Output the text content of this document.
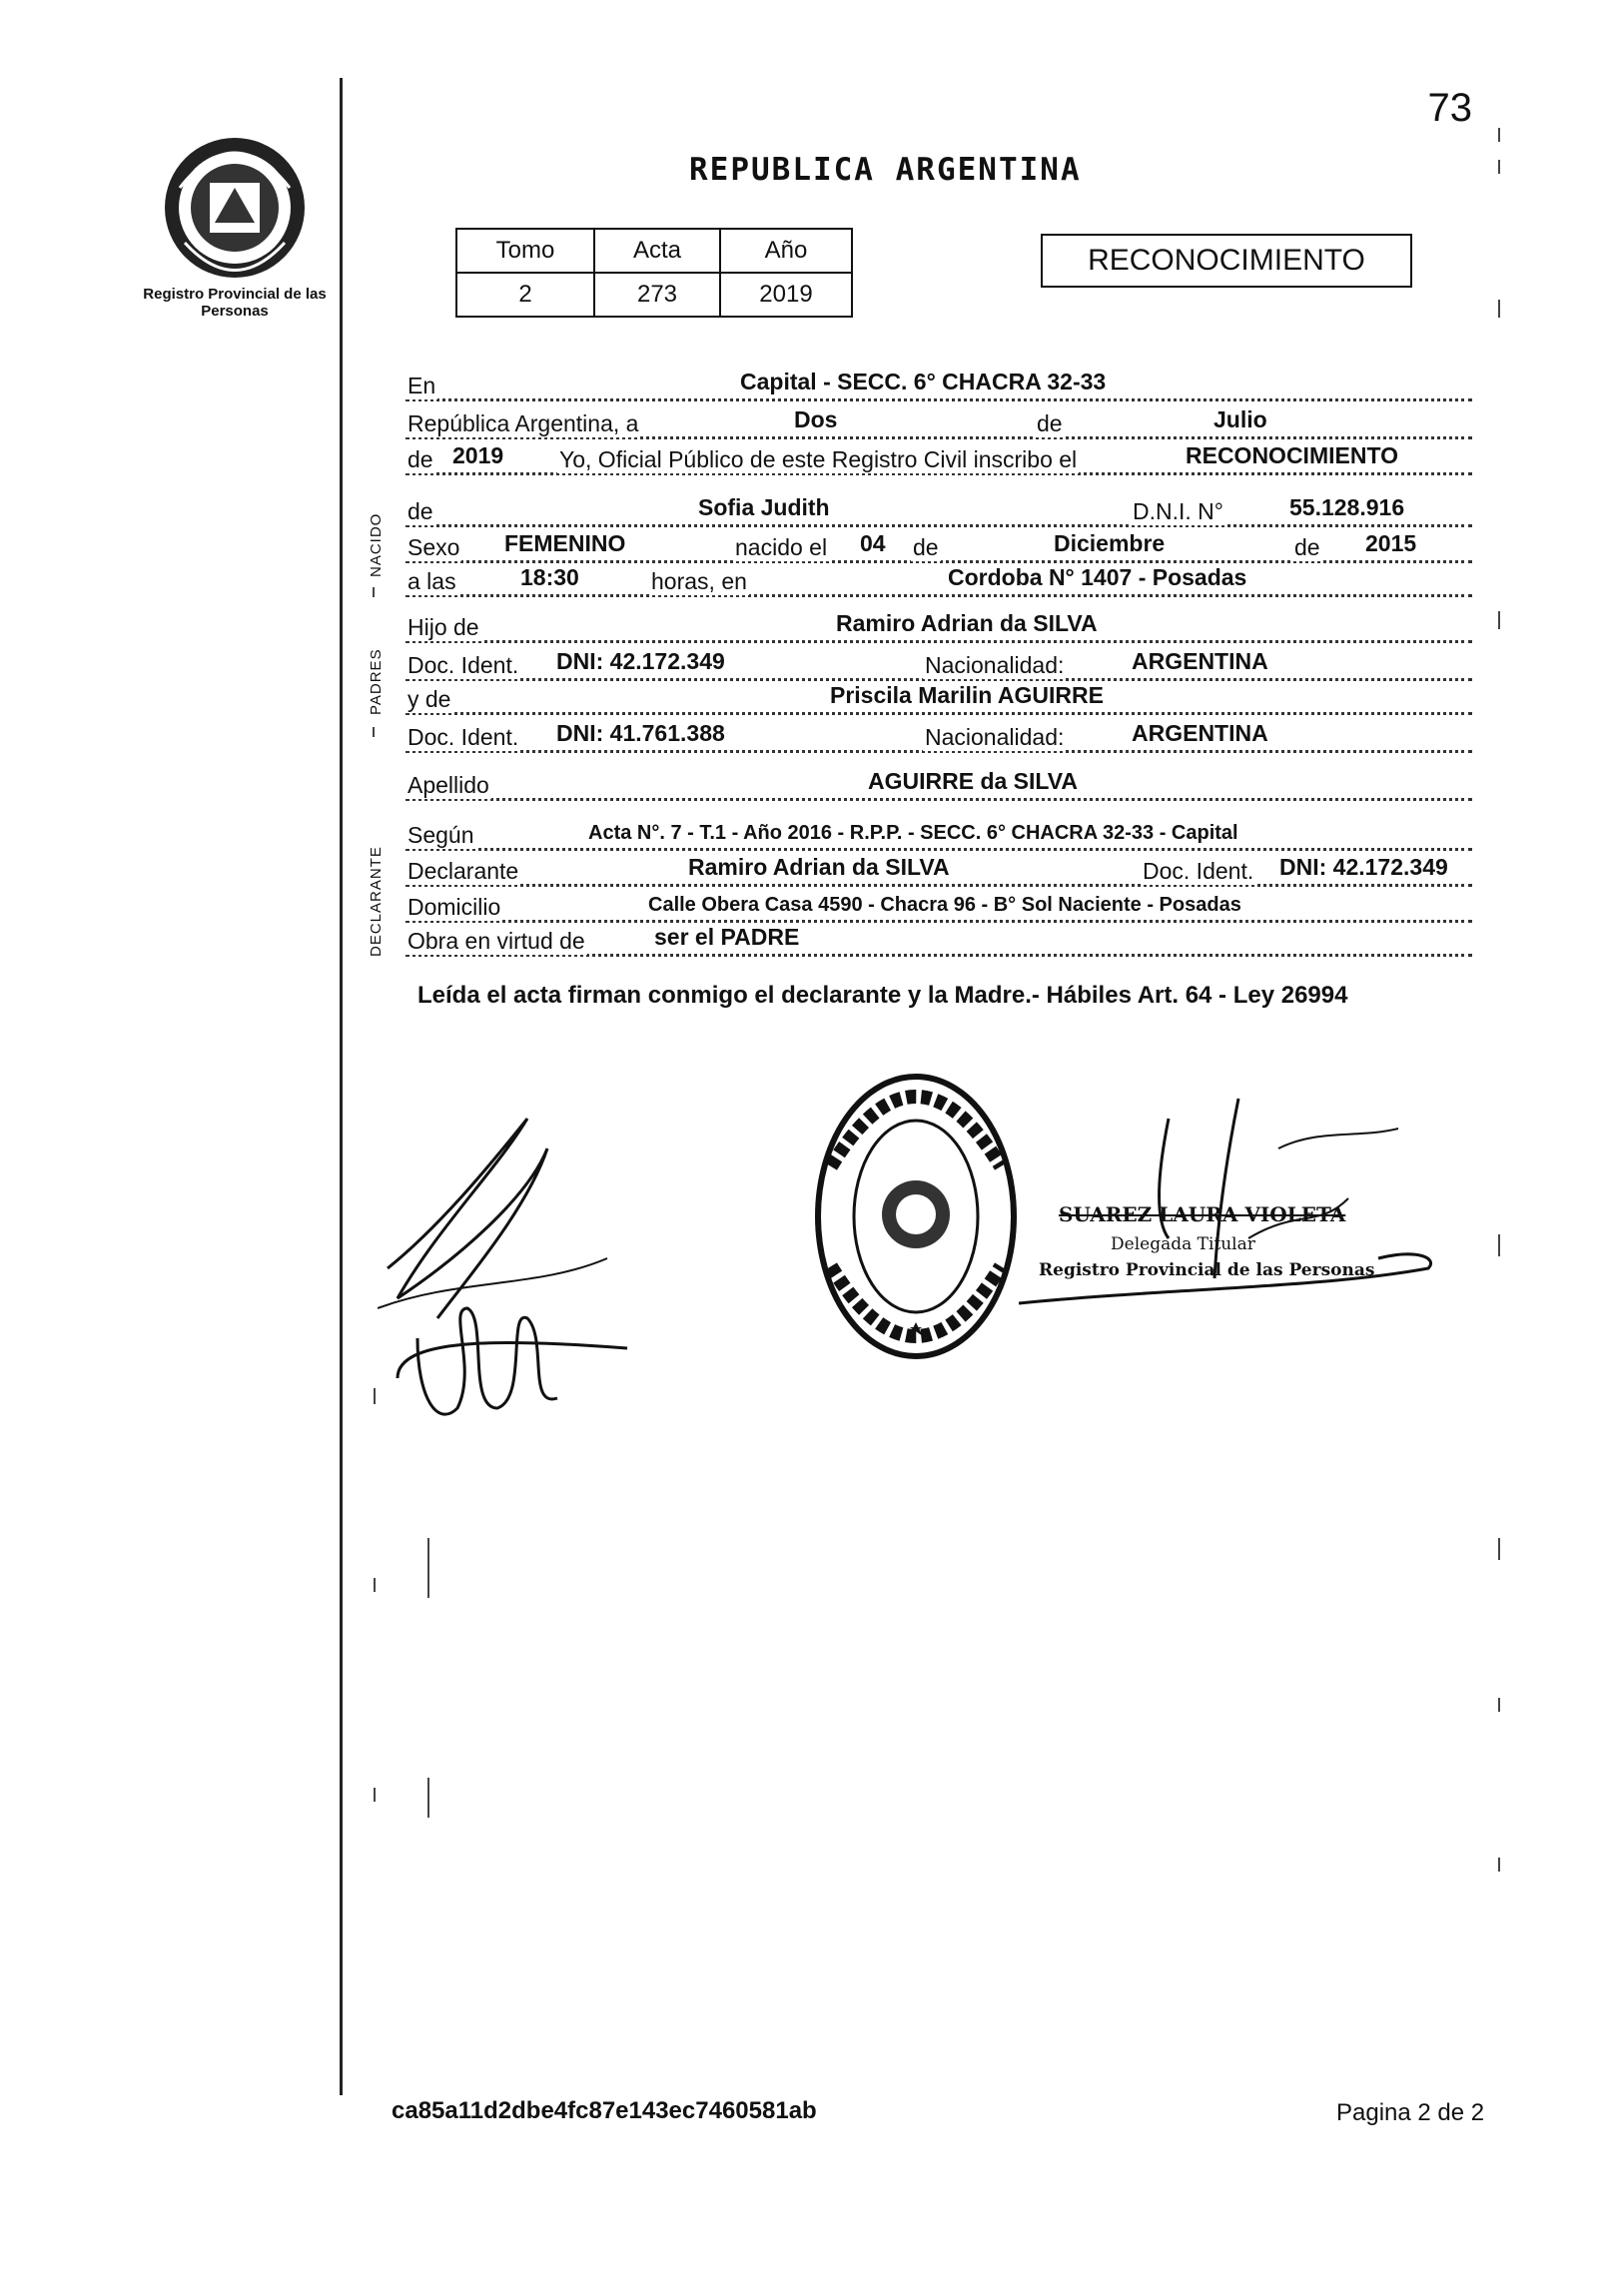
Registro Provincial de las Personas
73
REPUBLICA ARGENTINA
Tomo	Acta	Año
2	273	2019
RECONOCIMIENTO
NACIDO
PADRES
DECLARANTE
En	Capital - SECC. 6° CHACRA 32-33
República Argentina, a	Dos	de	Julio
de 2019 Yo, Oficial Público de este Registro Civil inscribo el	RECONOCIMIENTO
de	Sofia Judith	D.N.I. N°	55.128.916
Sexo FEMENINO	nacido el 04 de	Diciembre	de 2015
a las	18:30	horas, en	Cordoba N° 1407 - Posadas
Hijo de	Ramiro Adrian da SILVA
Doc. Ident. DNI: 42.172.349	Nacionalidad:	ARGENTINA
y de	Priscila Marilin AGUIRRE
Doc. Ident. DNI: 41.761.388	Nacionalidad:	ARGENTINA
Apellido	AGUIRRE da SILVA
Según	Acta N°. 7 - T.1 - Año 2016 - R.P.P. - SECC. 6° CHACRA 32-33 - Capital
Declarante	Ramiro Adrian da SILVA	Doc. Ident. DNI: 42.172.349
Domicilio	Calle Obera Casa 4590 - Chacra 96 - B° Sol Naciente - Posadas
Obra en virtud de	ser el PADRE
Leída el acta firman conmigo el declarante y la Madre.- Hábiles Art. 64 - Ley 26994
SUAREZ LAURA VIOLETA
Delegada Titular
Registro Provincial de las Personas
ca85a11d2dbe4fc87e143ec7460581ab	Pagina 2 de 2
